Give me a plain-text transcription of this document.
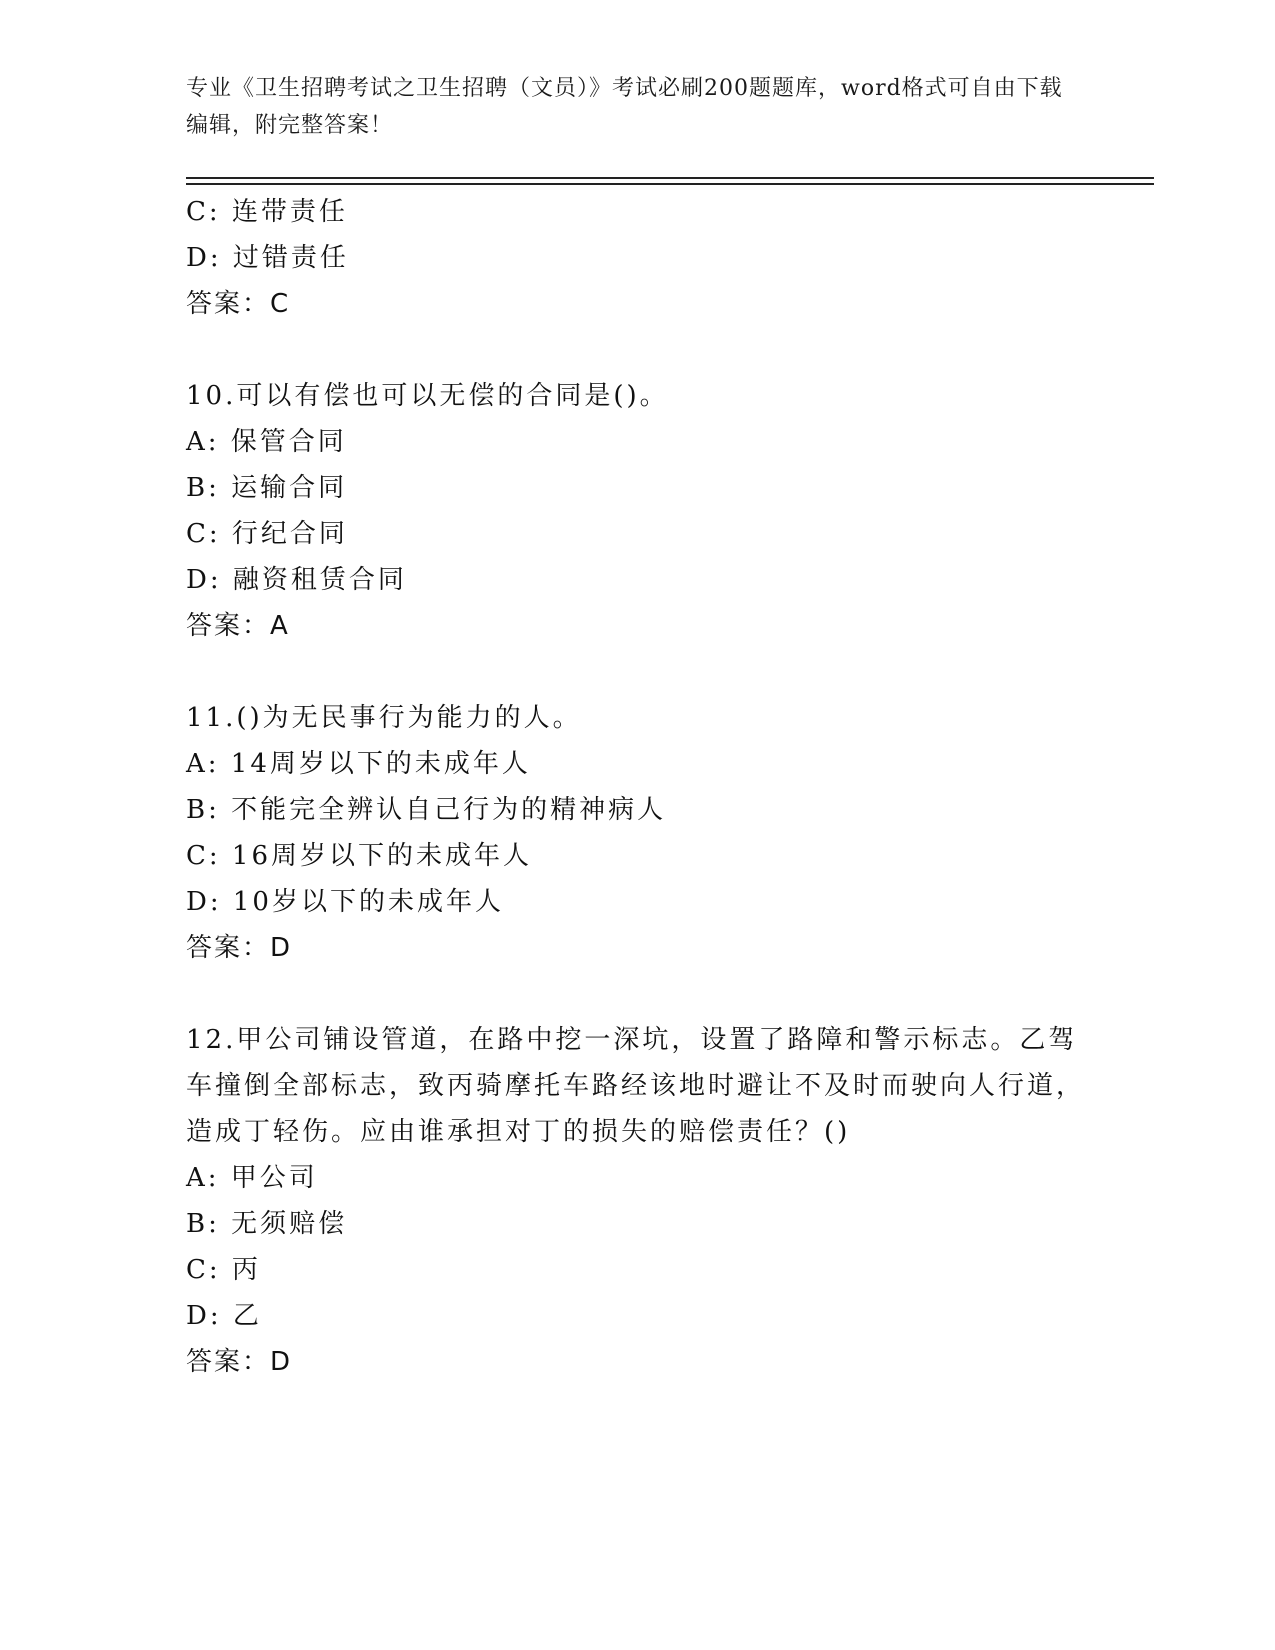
专业《卫生招聘考试之卫生招聘（文员）》考试必刷200题题库，word格式可自由下载编辑，附完整答案！
C: 连带责任
D: 过错责任
答案：C
10.可以有偿也可以无偿的合同是()。
A: 保管合同
B: 运输合同
C: 行纪合同
D: 融资租赁合同
答案：A
11.()为无民事行为能力的人。
A: 14周岁以下的未成年人
B: 不能完全辨认自己行为的精神病人
C: 16周岁以下的未成年人
D: 10岁以下的未成年人
答案：D
12.甲公司铺设管道，在路中挖一深坑，设置了路障和警示标志。乙驾车撞倒全部标志，致丙骑摩托车路经该地时避让不及时而驶向人行道，造成丁轻伤。应由谁承担对丁的损失的赔偿责任？()
A: 甲公司
B: 无须赔偿
C: 丙
D: 乙
答案：D
